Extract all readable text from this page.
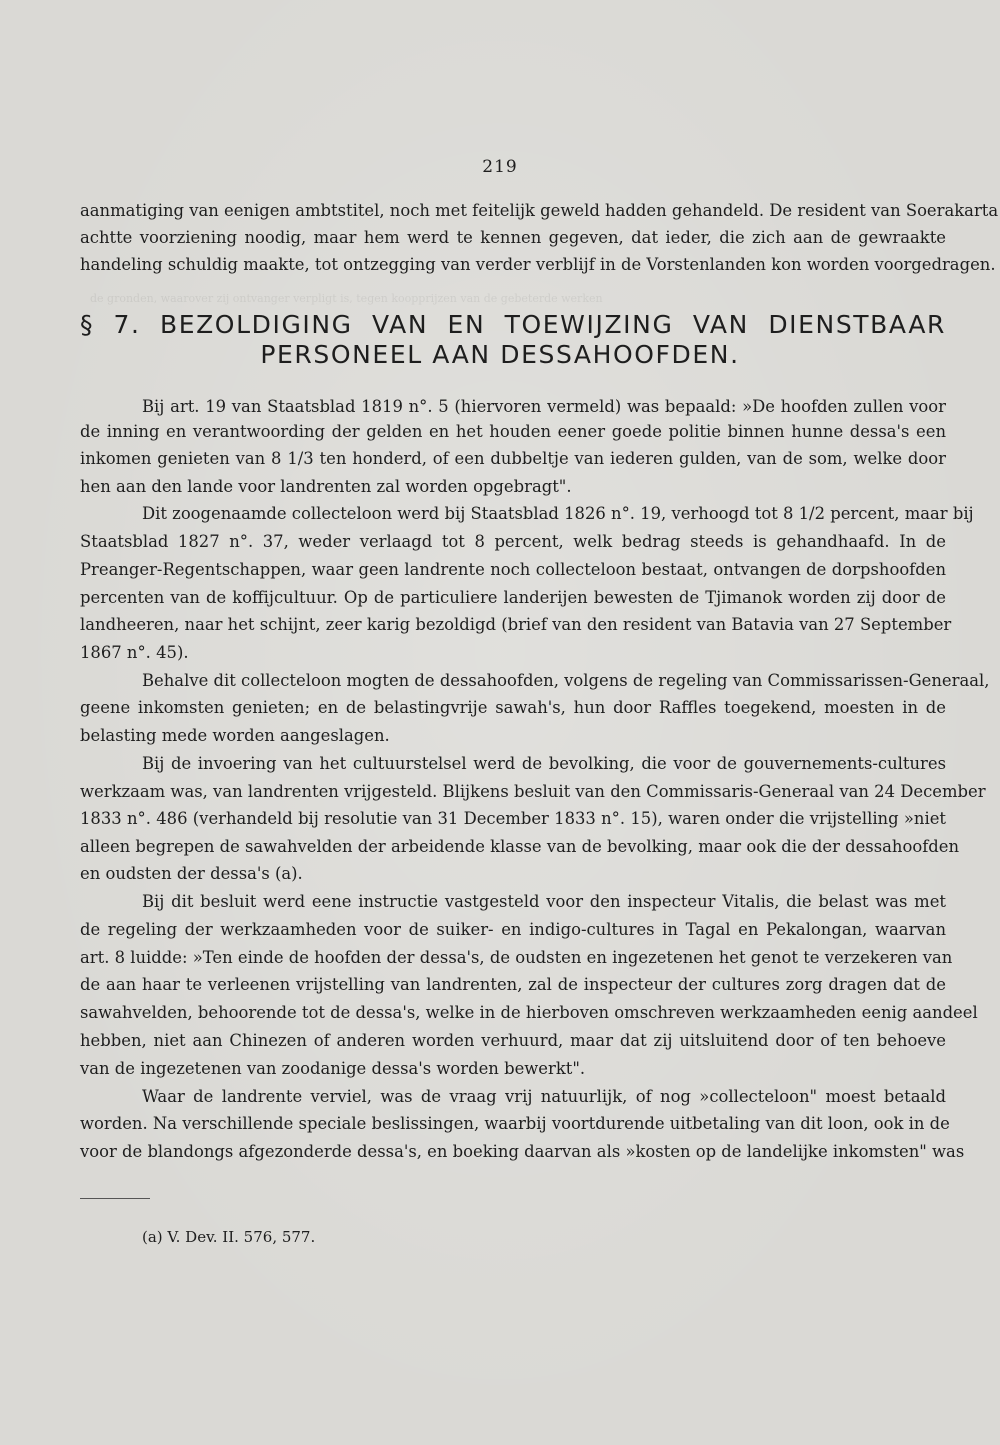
de gronden, waarover zij ontvanger verpligt is, tegen koopprijzen van de gebeterde werken
219
aanmatiging van eenigen ambtstitel, noch met feitelijk geweld hadden gehandeld. De resident van Soerakarta
achtte voorziening noodig, maar hem werd te kennen gegeven, dat ieder, die zich aan de gewraakte
handeling schuldig maakte, tot ontzegging van verder verblijf in de Vorstenlanden kon worden voorgedragen.
§ 7. BEZOLDIGING VAN EN TOEWIJZING VAN DIENSTBAAR
PERSONEEL AAN DESSAHOOFDEN.
Bij art. 19 van Staatsblad 1819 n°. 5 (hiervoren vermeld) was bepaald: »De hoofden zullen voor
de inning en verantwoording der gelden en het houden eener goede politie binnen hunne dessa's een
inkomen genieten van 8 1/3 ten honderd, of een dubbeltje van iederen gulden, van de som, welke door
hen aan den lande voor landrenten zal worden opgebragt".
Dit zoogenaamde collecteloon werd bij Staatsblad 1826 n°. 19, verhoogd tot 8 1/2 percent, maar bij
Staatsblad 1827 n°. 37, weder verlaagd tot 8 percent, welk bedrag steeds is gehandhaafd. In de
Preanger-Regentschappen, waar geen landrente noch collecteloon bestaat, ontvangen de dorpshoofden
percenten van de koffijcultuur. Op de particuliere landerijen bewesten de Tjimanok worden zij door de
landheeren, naar het schijnt, zeer karig bezoldigd (brief van den resident van Batavia van 27 September
1867 n°. 45).
Behalve dit collecteloon mogten de dessahoofden, volgens de regeling van Commissarissen-Generaal,
geene inkomsten genieten; en de belastingvrije sawah's, hun door Raffles toegekend, moesten in de
belasting mede worden aangeslagen.
Bij de invoering van het cultuurstelsel werd de bevolking, die voor de gouvernements-cultures
werkzaam was, van landrenten vrijgesteld. Blijkens besluit van den Commissaris-Generaal van 24 December
1833 n°. 486 (verhandeld bij resolutie van 31 December 1833 n°. 15), waren onder die vrijstelling »niet
alleen begrepen de sawahvelden der arbeidende klasse van de bevolking, maar ook die der dessahoofden
en oudsten der dessa's (a).
Bij dit besluit werd eene instructie vastgesteld voor den inspecteur Vitalis, die belast was met
de regeling der werkzaamheden voor de suiker- en indigo-cultures in Tagal en Pekalongan, waarvan
art. 8 luidde: »Ten einde de hoofden der dessa's, de oudsten en ingezetenen het genot te verzekeren van
de aan haar te verleenen vrijstelling van landrenten, zal de inspecteur der cultures zorg dragen dat de
sawahvelden, behoorende tot de dessa's, welke in de hierboven omschreven werkzaamheden eenig aandeel
hebben, niet aan Chinezen of anderen worden verhuurd, maar dat zij uitsluitend door of ten behoeve
van de ingezetenen van zoodanige dessa's worden bewerkt".
Waar de landrente verviel, was de vraag vrij natuurlijk, of nog »collecteloon" moest betaald
worden. Na verschillende speciale beslissingen, waarbij voortdurende uitbetaling van dit loon, ook in de
voor de blandongs afgezonderde dessa's, en boeking daarvan als »kosten op de landelijke inkomsten" was
(a) V. Dev. II. 576, 577.
